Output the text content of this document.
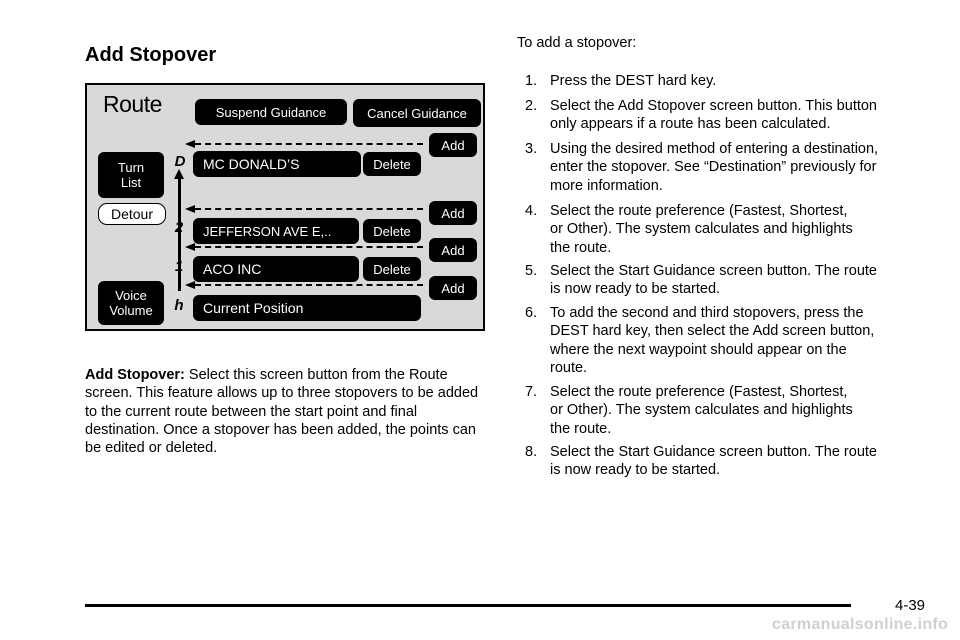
Add Stopover
Route	Suspend Guidance	Cancel Guidance
Turn
List
Detour
Voice
Volume
Add
Add
Add
Add
D
2
1
h
MC DONALD’S
JEFFERSON AVE E,..
ACO INC
Current Position
Delete
Delete
Delete

Add Stopover: Select this screen button from the Route screen. This feature allows up to three stopovers to be added to the current route between the start point and final destination. Once a stopover has been added, the points can be edited or deleted.

To add a stopover:

1. Press the DEST hard key.
2. Select the Add Stopover screen button. This button
only appears if a route has been calculated.
3. Using the desired method of entering a destination,
enter the stopover. See “Destination” previously for
more information.
4. Select the route preference (Fastest, Shortest,
or Other). The system calculates and highlights
the route.
5. Select the Start Guidance screen button. The route
is now ready to be started.
6. To add the second and third stopovers, press the
DEST hard key, then select the Add screen button,
where the next waypoint should appear on the
route.
7. Select the route preference (Fastest, Shortest,
or Other). The system calculates and highlights
the route.
8. Select the Start Guidance screen button. The route
is now ready to be started.
4-39
carmanualsonline.info
